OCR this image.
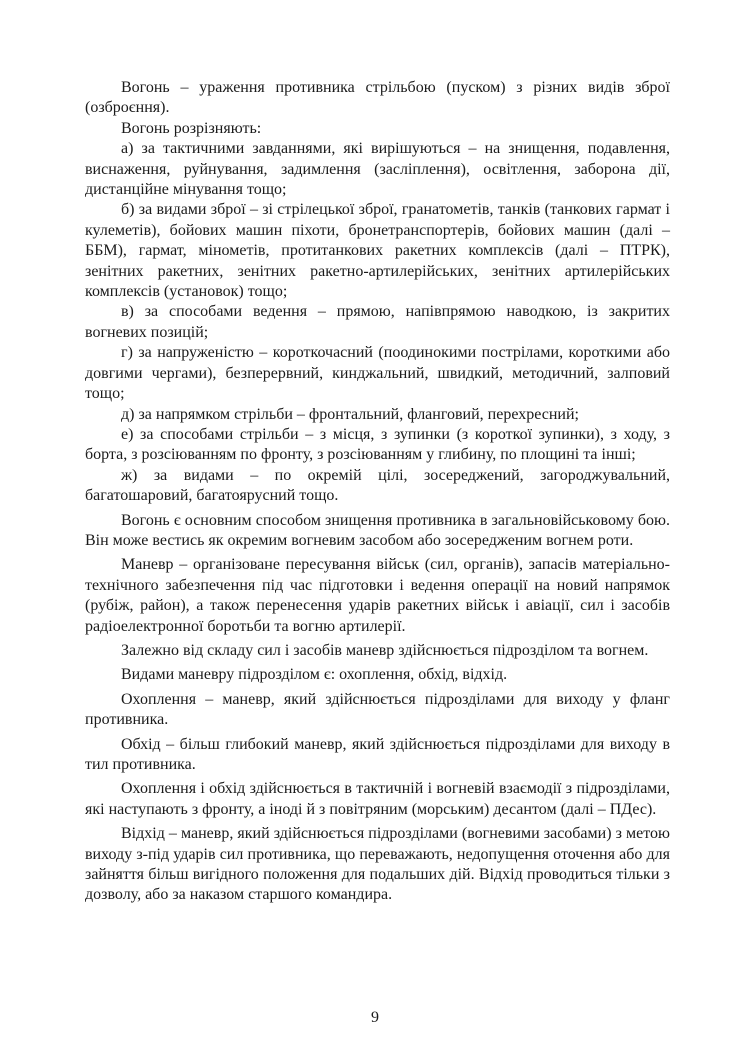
Вогонь – ураження противника стрільбою (пуском) з різних видів зброї (озброєння).

Вогонь розрізняють:

а) за тактичними завданнями, які вирішуються – на знищення, подавлення, виснаження, руйнування, задимлення (засліплення), освітлення, заборона дії, дистанційне мінування тощо;

б) за видами зброї – зі стрілецької зброї, гранатометів, танків (танкових гармат і кулеметів), бойових машин піхоти, бронетранспортерів, бойових машин (далі – ББМ), гармат, мінометів, протитанкових ракетних комплексів (далі – ПТРК), зенітних ракетних, зенітних ракетно-артилерійських, зенітних артилерійських комплексів (установок) тощо;

в) за способами ведення – прямою, напівпрямою наводкою, із закритих вогневих позицій;

г) за напруженістю – короткочасний (поодинокими пострілами, короткими або довгими чергами), безперервний, кинджальний, швидкий, методичний, залповий тощо;

д) за напрямком стрільби – фронтальний, фланговий, перехресний;

е) за способами стрільби – з місця, з зупинки (з короткої зупинки), з ходу, з борта, з розсіюванням по фронту, з розсіюванням у глибину, по площині та інші;

ж) за видами – по окремій цілі, зосереджений, загороджувальний, багатошаровий, багатоярусний тощо.

Вогонь є основним способом знищення противника в загальновійськовому бою. Він може вестись як окремим вогневим засобом або зосередженим вогнем роти.

Маневр – організоване пересування військ (сил, органів), запасів матеріально-технічного забезпечення під час підготовки і ведення операції на новий напрямок (рубіж, район), а також перенесення ударів ракетних військ і авіації, сил і засобів радіоелектронної боротьби та вогню артилерії.

Залежно від складу сил і засобів маневр здійснюється підрозділом та вогнем.

Видами маневру підрозділом є: охоплення, обхід, відхід.

Охоплення – маневр, який здійснюється підрозділами для виходу у фланг противника.

Обхід – більш глибокий маневр, який здійснюється підрозділами для виходу в тил противника.

Охоплення і обхід здійснюється в тактичній і вогневій взаємодії з підрозділами, які наступають з фронту, а іноді й з повітряним (морським) десантом (далі – ПДес).

Відхід – маневр, який здійснюється підрозділами (вогневими засобами) з метою виходу з-під ударів сил противника, що переважають, недопущення оточення або для зайняття більш вигідного положення для подальших дій. Відхід проводиться тільки з дозволу, або за наказом старшого командира.

9
